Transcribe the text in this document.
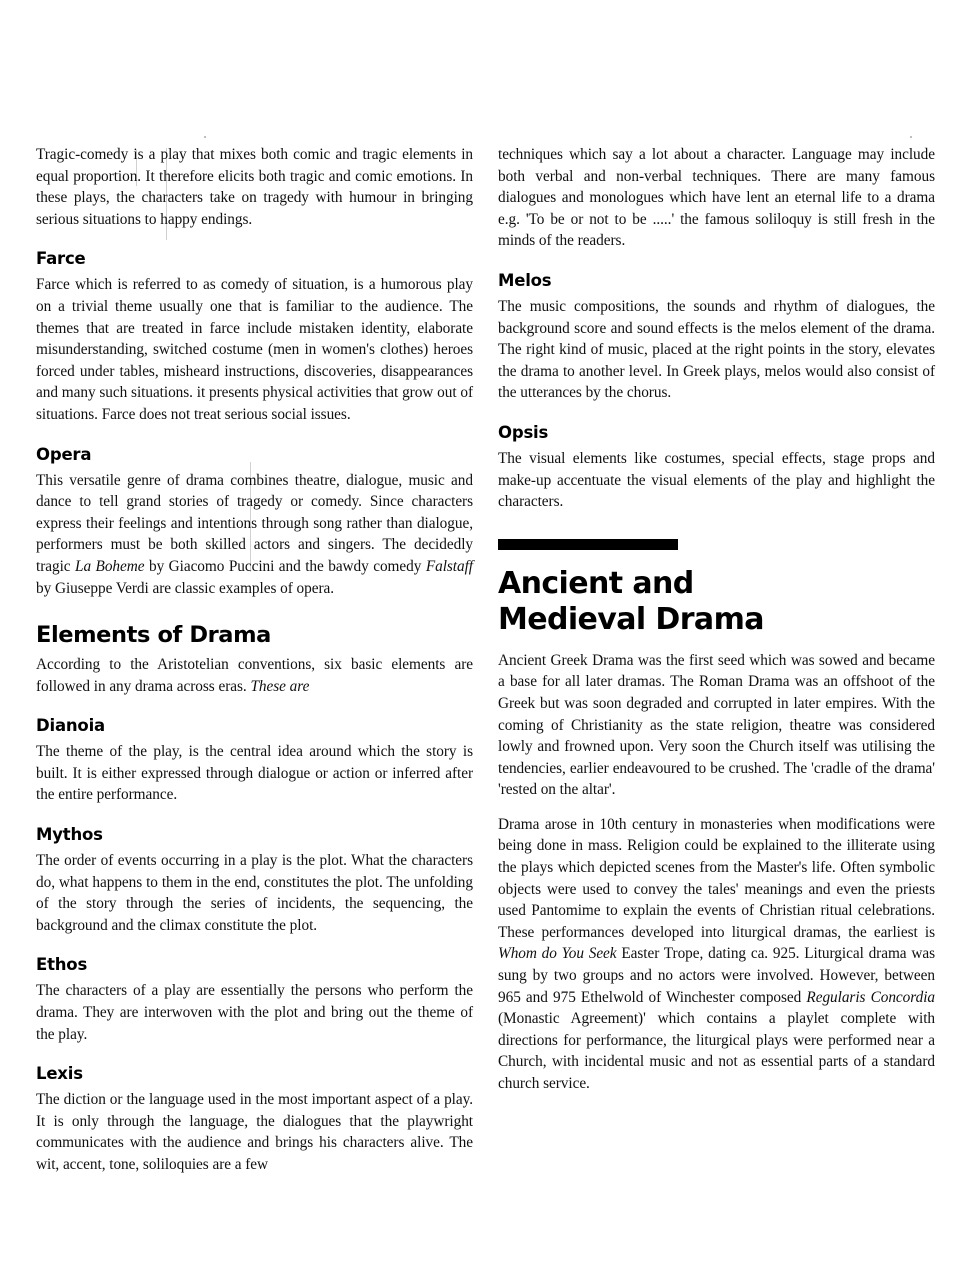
Tragic-comedy is a play that mixes both comic and tragic elements in equal proportion. It therefore elicits both tragic and comic emotions. In these plays, the characters take on tragedy with humour in bringing serious situations to happy endings.

Farce

Farce which is referred to as comedy of situation, is a humorous play on a trivial theme usually one that is familiar to the audience. The themes that are treated in farce include mistaken identity, elaborate misunderstanding, switched costume (men in women's clothes) heroes forced under tables, misheard instructions, discoveries, disappearances and many such situations. it presents physical activities that grow out of situations. Farce does not treat serious social issues.

Opera

This versatile genre of drama combines theatre, dialogue, music and dance to tell grand stories of tragedy or comedy. Since characters express their feelings and intentions through song rather than dialogue, performers must be both skilled actors and singers. The decidedly tragic La Boheme by Giacomo Puccini and the bawdy comedy Falstaff by Giuseppe Verdi are classic examples of opera.

Elements of Drama

According to the Aristotelian conventions, six basic elements are followed in any drama across eras. These are

Dianoia

The theme of the play, is the central idea around which the story is built. It is either expressed through dialogue or action or inferred after the entire performance.

Mythos

The order of events occurring in a play is the plot. What the characters do, what happens to them in the end, constitutes the plot. The unfolding of the story through the series of incidents, the sequencing, the background and the climax constitute the plot.

Ethos

The characters of a play are essentially the persons who perform the drama. They are interwoven with the plot and bring out the theme of the play.

Lexis

The diction or the language used in the most important aspect of a play. It is only through the language, the dialogues that the playwright communicates with the audience and brings his characters alive. The wit, accent, tone, soliloquies are a few

techniques which say a lot about a character. Language may include both verbal and non-verbal techniques. There are many famous dialogues and monologues which have lent an eternal life to a drama e.g. 'To be or not to be .....' the famous soliloquy is still fresh in the minds of the readers.

Melos

The music compositions, the sounds and rhythm of dialogues, the background score and sound effects is the melos element of the drama. The right kind of music, placed at the right points in the story, elevates the drama to another level. In Greek plays, melos would also consist of the utterances by the chorus.

Opsis

The visual elements like costumes, special effects, stage props and make-up accentuate the visual elements of the play and highlight the characters.

Ancient and Medieval Drama

Ancient Greek Drama was the first seed which was sowed and became a base for all later dramas. The Roman Drama was an offshoot of the Greek but was soon degraded and corrupted in later empires. With the coming of Christianity as the state religion, theatre was considered lowly and frowned upon. Very soon the Church itself was utilising the tendencies, earlier endeavoured to be crushed. The 'cradle of the drama' 'rested on the altar'.

Drama arose in 10th century in monasteries when modifications were being done in mass. Religion could be explained to the illiterate using the plays which depicted scenes from the Master's life. Often symbolic objects were used to convey the tales' meanings and even the priests used Pantomime to explain the events of Christian ritual celebrations. These performances developed into liturgical dramas, the earliest is Whom do You Seek Easter Trope, dating ca. 925. Liturgical drama was sung by two groups and no actors were involved. However, between 965 and 975 Ethelwold of Winchester composed Regularis Concordia (Monastic Agreement)' which contains a playlet complete with directions for performance, the liturgical plays were performed near a Church, with incidental music and not as essential parts of a standard church service.
